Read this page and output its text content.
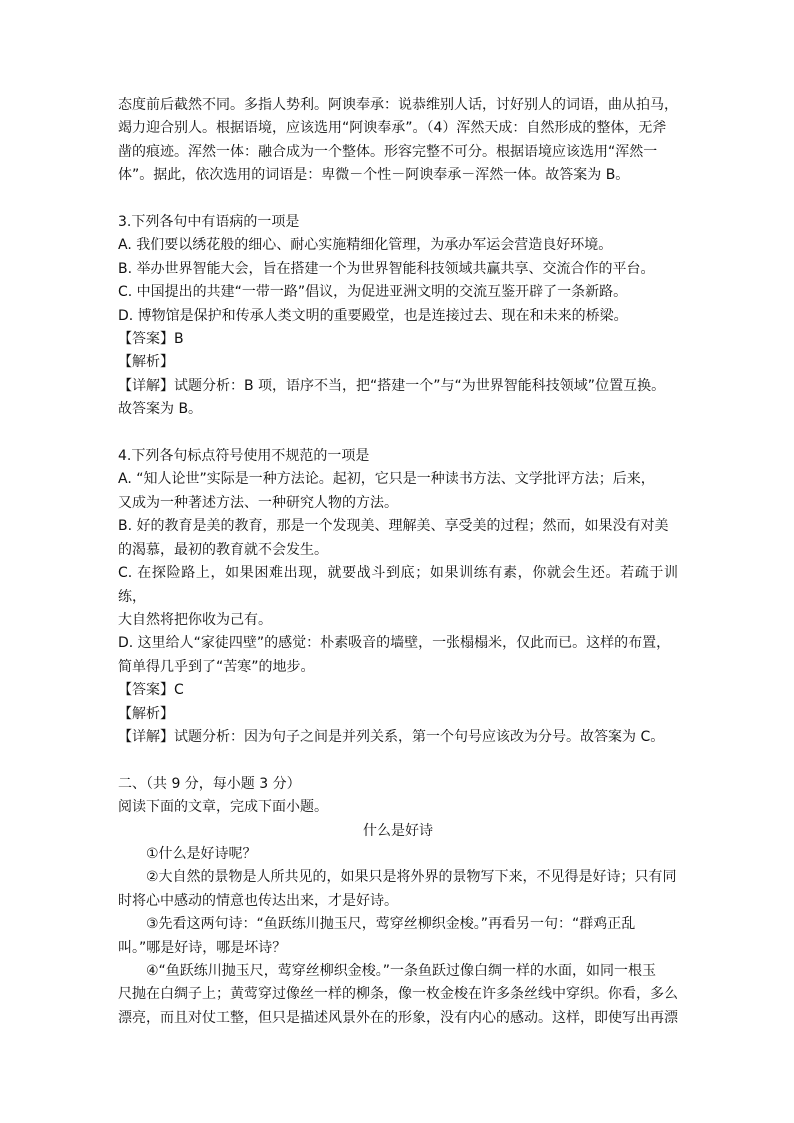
态度前后截然不同。多指人势利。阿谀奉承：说恭维别人话，讨好别人的词语，曲从拍马，

竭力迎合别人。根据语境，应该选用“阿谀奉承”。（4）浑然天成：自然形成的整体，无斧

凿的痕迹。浑然一体：融合成为一个整体。形容完整不可分。根据语境应该选用“浑然一

体”。据此，依次选用的词语是：卑微－个性－阿谀奉承－浑然一体。故答案为 B。

3.下列各句中有语病的一项是

A. 我们要以绣花般的细心、耐心实施精细化管理，为承办军运会营造良好环境。

B. 举办世界智能大会，旨在搭建一个为世界智能科技领域共赢共享、交流合作的平台。

C. 中国提出的共建“一带一路”倡议，为促进亚洲文明的交流互鉴开辟了一条新路。

D. 博物馆是保护和传承人类文明的重要殿堂，也是连接过去、现在和未来的桥梁。

【答案】B

【解析】

【详解】试题分析：B 项，语序不当，把“搭建一个”与“为世界智能科技领域”位置互换。

故答案为 B。

4.下列各句标点符号使用不规范的一项是

A. “知人论世”实际是一种方法论。起初，它只是一种读书方法、文学批评方法；后来，

又成为一种著述方法、一种研究人物的方法。

B. 好的教育是美的教育，那是一个发现美、理解美、享受美的过程；然而，如果没有对美

的渴慕，最初的教育就不会发生。

C. 在探险路上，如果困难出现，就要战斗到底；如果训练有素，你就会生还。若疏于训练，

大自然将把你收为己有。

D. 这里给人“家徒四壁”的感觉：朴素吸音的墙壁，一张榻榻米，仅此而已。这样的布置，

简单得几乎到了“苦寒”的地步。

【答案】C

【解析】

【详解】试题分析：因为句子之间是并列关系，第一个句号应该改为分号。故答案为 C。

二、（共 9 分，每小题 3 分）

阅读下面的文章，完成下面小题。

什么是好诗

①什么是好诗呢？

②大自然的景物是人所共见的，如果只是将外界的景物写下来，不见得是好诗；只有同

时将心中感动的情意也传达出来，才是好诗。

③先看这两句诗：“鱼跃练川抛玉尺，莺穿丝柳织金梭。”再看另一句：“群鸡正乱

叫。”哪是好诗，哪是坏诗？

④“鱼跃练川抛玉尺，莺穿丝柳织金梭。”一条鱼跃过像白绸一样的水面，如同一根玉

尺抛在白绸子上；黄莺穿过像丝一样的柳条，像一枚金梭在许多条丝线中穿织。你看，多么

漂亮，而且对仗工整，但只是描述风景外在的形象，没有内心的感动。这样，即使写出再漂
